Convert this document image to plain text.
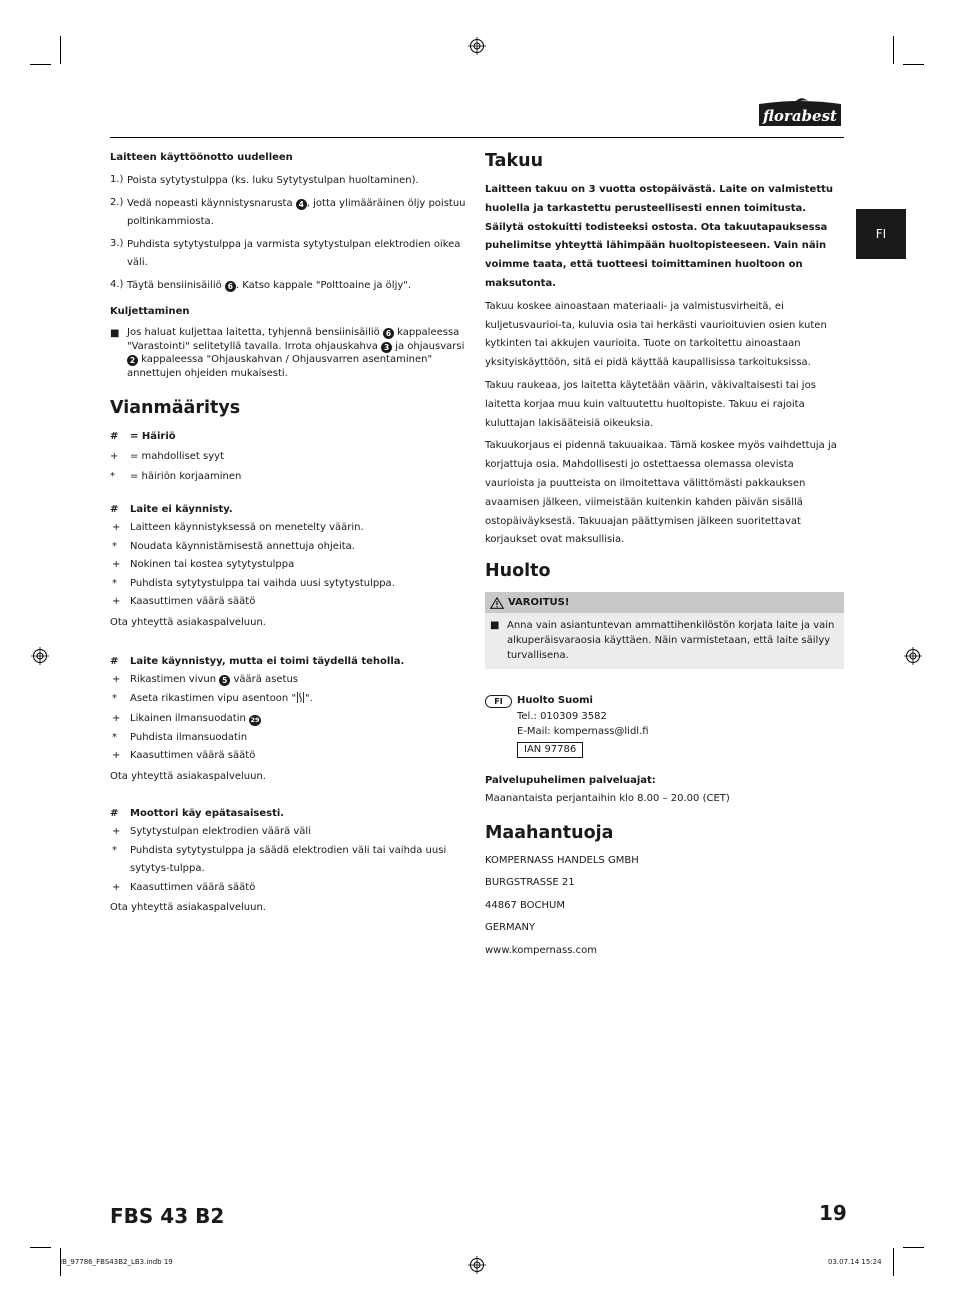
florabest
FI
Laitteen käyttöönotto uudelleen
1.) Poista sytytystulppa (ks. luku Sytytystulpan huoltaminen).
2.) Vedä nopeasti käynnistysnarusta 4 , jotta ylimääräinen öljy poistuu poltinkammiosta.
3.) Puhdista sytytystulppa ja varmista sytytystulpan elektrodien oikea väli.
4.) Täytä bensiinisäiliö 6 . Katso kappale "Polttoaine ja öljy".
Kuljettaminen
■ Jos haluat kuljettaa laitetta, tyhjennä bensiinisäiliö 6 kappaleessa "Varastointi" selitetyllä tavalla. Irrota ohjauskahva 3 ja ohjausvarsi 2 kappaleessa "Ohjauskahvan / Ohjausvarren asentaminen" annettujen ohjeiden mukaisesti.
Vianmääritys
#	= Häiriö
+	= mahdolliset syyt
*	= häiriön korjaaminen
#	Laite ei käynnisty.
+ Laitteen käynnistyksessä on menetelty väärin.
*	Noudata käynnistämisestä annettuja ohjeita.
+ Nokinen tai kostea sytytystulppa
*	Puhdista sytytystulppa tai vaihda uusi sytytystulppa.
+ Kaasuttimen väärä säätö
Ota yhteyttä asiakaspalveluun.
#	Laite käynnistyy, mutta ei toimi täydellä teholla.
+ Rikastimen vivun 5 väärä asetus
*	Aseta rikastimen vipu asentoon " ".
+ Likainen ilmansuodatin 29
*	Puhdista ilmansuodatin
+ Kaasuttimen väärä säätö
Ota yhteyttä asiakaspalveluun.
#	Moottori käy epätasaisesti.
+ Sytytystulpan elektrodien väärä väli
*	Puhdista sytytystulppa ja säädä elektrodien väli tai vaihda uusi sytytys-tulppa.
+ Kaasuttimen väärä säätö
Ota yhteyttä asiakaspalveluun.
Takuu
Laitteen takuu on 3 vuotta ostopäivästä. Laite on valmistettu huolella ja tarkastettu perusteellisesti ennen toimitusta. Säilytä ostokuitti todisteeksi ostosta. Ota takuutapauksessa puhelimitse yhteyttä lähimpään huoltopisteeseen. Vain näin voimme taata, että tuotteesi toimittaminen huoltoon on maksutonta.
Takuu koskee ainoastaan materiaali- ja valmistusvirheitä, ei kuljetusvaurioi-ta, kuluvia osia tai herkästi vaurioituvien osien kuten kytkinten tai akkujen vaurioita. Tuote on tarkoitettu ainoastaan yksityiskäyttöön, sitä ei pidä käyttää kaupallisissa tarkoituksissa.
Takuu raukeaa, jos laitetta käytetään väärin, väkivaltaisesti tai jos laitetta korjaa muu kuin valtuutettu huoltopiste. Takuu ei rajoita kuluttajan lakisääteisiä oikeuksia.
Takuukorjaus ei pidennä takuuaikaa. Tämä koskee myös vaihdettuja ja korjattuja osia. Mahdollisesti jo ostettaessa olemassa olevista vaurioista ja puutteista on ilmoitettava välittömästi pakkauksen avaamisen jälkeen, viimeistään kuitenkin kahden päivän sisällä ostopäiväyksestä. Takuuajan päättymisen jälkeen suoritettavat korjaukset ovat maksullisia.
Huolto
VAROITUS!
■ Anna vain asiantuntevan ammattihenkilöstön korjata laite ja vain alkuperäisvaraosia käyttäen. Näin varmistetaan, että laite säilyy turvallisena.
FI	Huolto Suomi
Tel.: 010309 3582
E-Mail: kompernass@lidl.fi
IAN 97786
Palvelupuhelimen palveluajat:
Maanantaista perjantaihin klo 8.00 – 20.00 (CET)
Maahantuoja
KOMPERNASS HANDELS GMBH
BURGSTRASSE 21
44867 BOCHUM
GERMANY
www.kompernass.com
FBS 43 B2	19
IB_97786_FBS43B2_LB3.indb 19	03.07.14 15:24
